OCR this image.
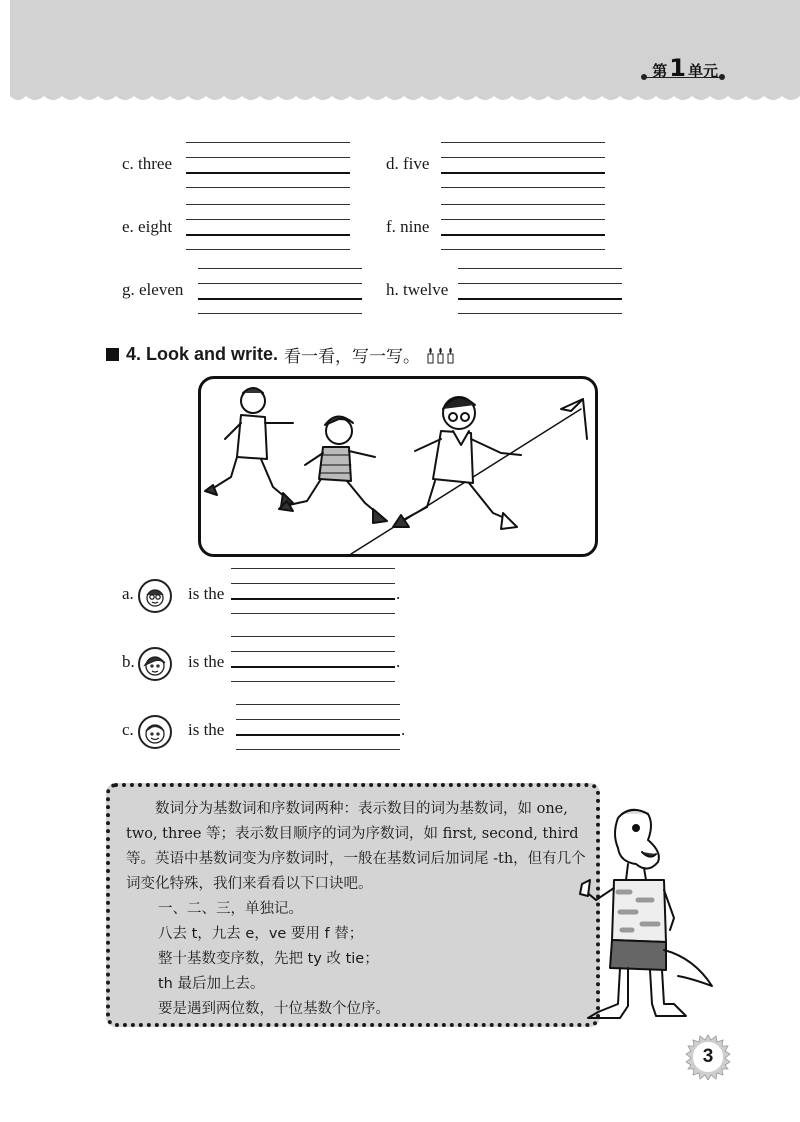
第 1 单元
c. three	d. five
e. eight	f. nine
g. eleven	h. twelve
4. Look and write. 看一看，写一写。
a.	is the	.
b.	is the	.
c.	is the	.

数词分为基数词和序数词两种：表示数目的词为基数词，如 one, two, three 等；表示数目顺序的词为序数词，如 first, second, third 等。英语中基数词变为序数词时，一般在基数词后加词尾 -th，但有几个词变化特殊，我们来看看以下口诀吧。

一、二、三，单独记。
八去 t，九去 e，ve 要用 f 替；
整十基数变序数，先把 ty 改 tie；
th 最后加上去。
要是遇到两位数，十位基数个位序。
3
